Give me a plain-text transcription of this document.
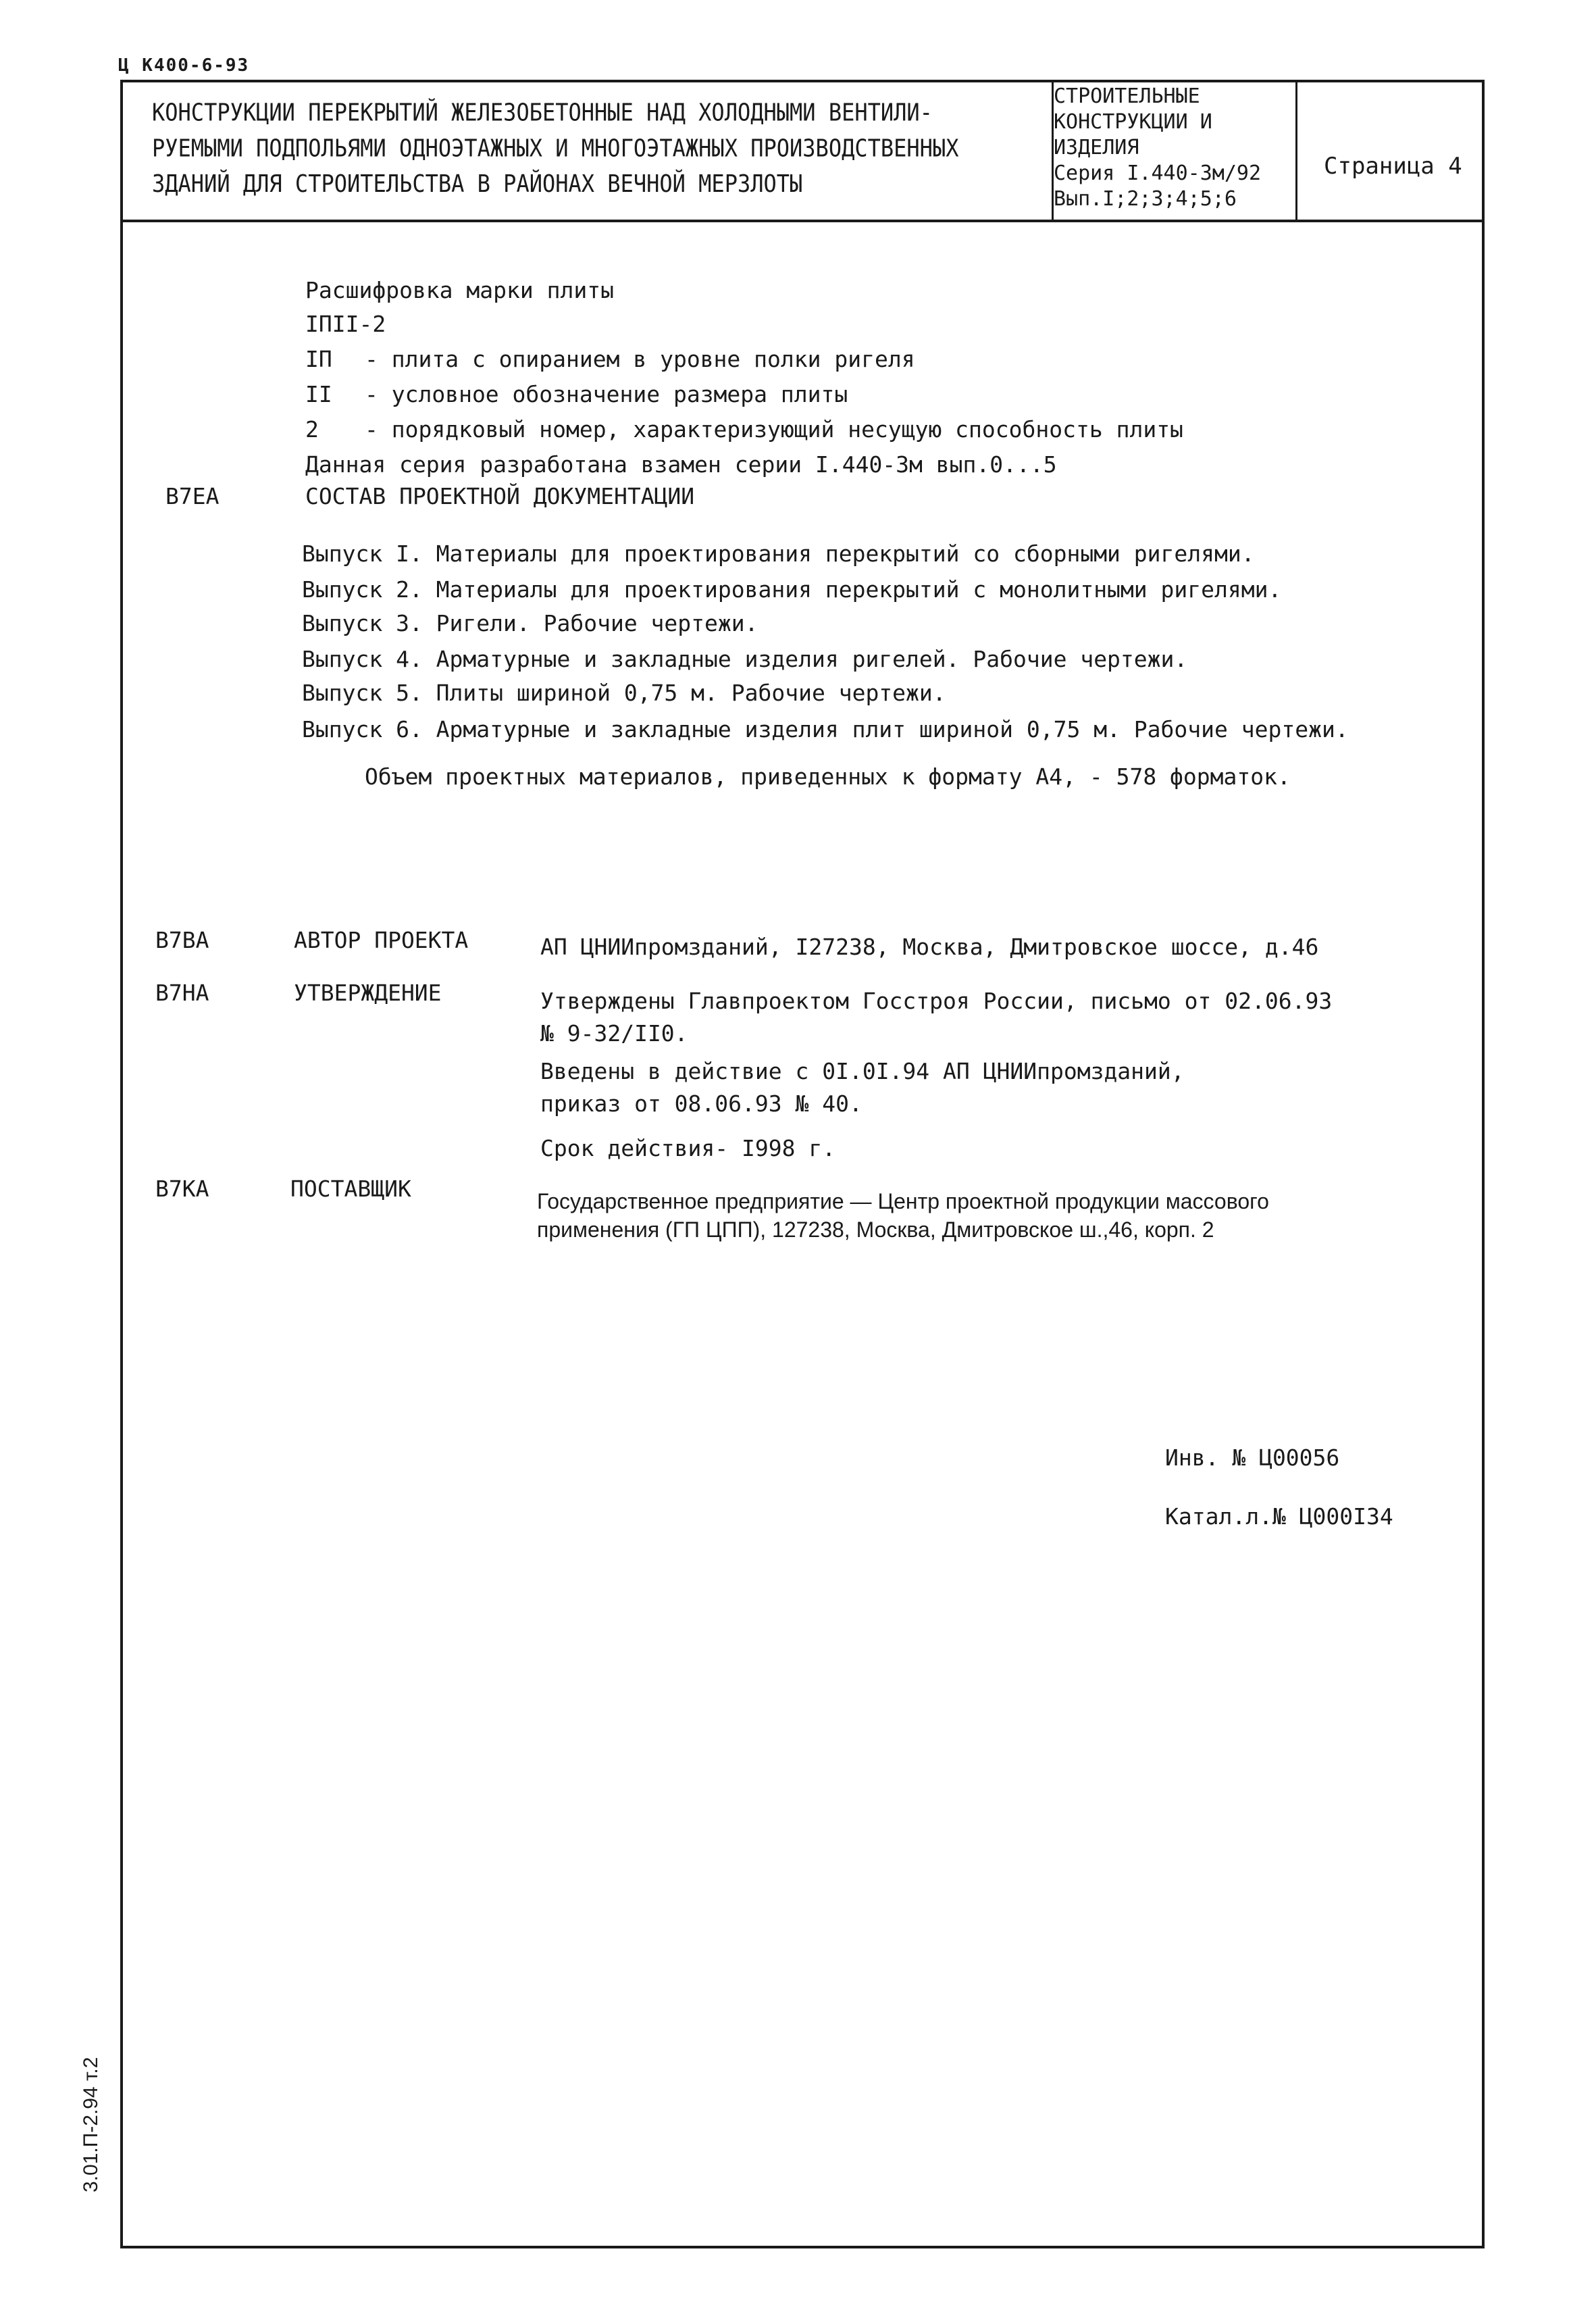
Ц К400-6-93
КОНСТРУКЦИИ ПЕРЕКРЫТИЙ ЖЕЛЕЗОБЕТОННЫЕ НАД ХОЛОДНЫМИ ВЕНТИЛИ-
РУЕМЫМИ ПОДПОЛЬЯМИ ОДНОЭТАЖНЫХ И МНОГОЭТАЖНЫХ ПРОИЗВОДСТВЕННЫХ
ЗДАНИЙ ДЛЯ СТРОИТЕЛЬСТВА В РАЙОНАХ ВЕЧНОЙ МЕРЗЛОТЫ
СТРОИТЕЛЬНЫЕ
КОНСТРУКЦИИ И
ИЗДЕЛИЯ
Серия I.440-3м/92
Вып.I;2;3;4;5;6
Страница 4
Расшифровка марки плиты
IПII-2
IП - плита с опиранием в уровне полки ригеля
II - условное обозначение размера плиты
2 - порядковый номер, характеризующий несущую способность плиты
Данная серия разработана взамен серии I.440-3м вып.0...5
В7ЕА	СОСТАВ ПРОЕКТНОЙ ДОКУМЕНТАЦИИ
Выпуск I. Материалы для проектирования перекрытий со сборными ригелями.
Выпуск 2. Материалы для проектирования перекрытий с монолитными ригелями.
Выпуск 3. Ригели. Рабочие чертежи.
Выпуск 4. Арматурные и закладные изделия ригелей. Рабочие чертежи.
Выпуск 5. Плиты шириной 0,75 м. Рабочие чертежи.
Выпуск 6. Арматурные и закладные изделия плит шириной 0,75 м. Рабочие чертежи.
Объем проектных материалов, приведенных к формату А4, - 578 форматок.
В7ВА	АВТОР ПРОЕКТА	АП ЦНИИпромзданий, I27238, Москва, Дмитровское шоссе, д.46
В7НА	УТВЕРЖДЕНИЕ	Утверждены Главпроектом Госстроя России, письмо от 02.06.93
№ 9-32/II0.
Введены в действие с 0I.0I.94 АП ЦНИИпромзданий,
приказ от 08.06.93 № 40.
Срок действия- I998 г.
В7КА	ПОСТАВЩИК	Государственное предприятие — Центр проектной продукции массового
применения (ГП ЦПП), 127238, Москва, Дмитровское ш.,46, корп. 2
Инв. № Ц00056
Катал.л.№ Ц000I34
3.01.П-2.94 т.2
